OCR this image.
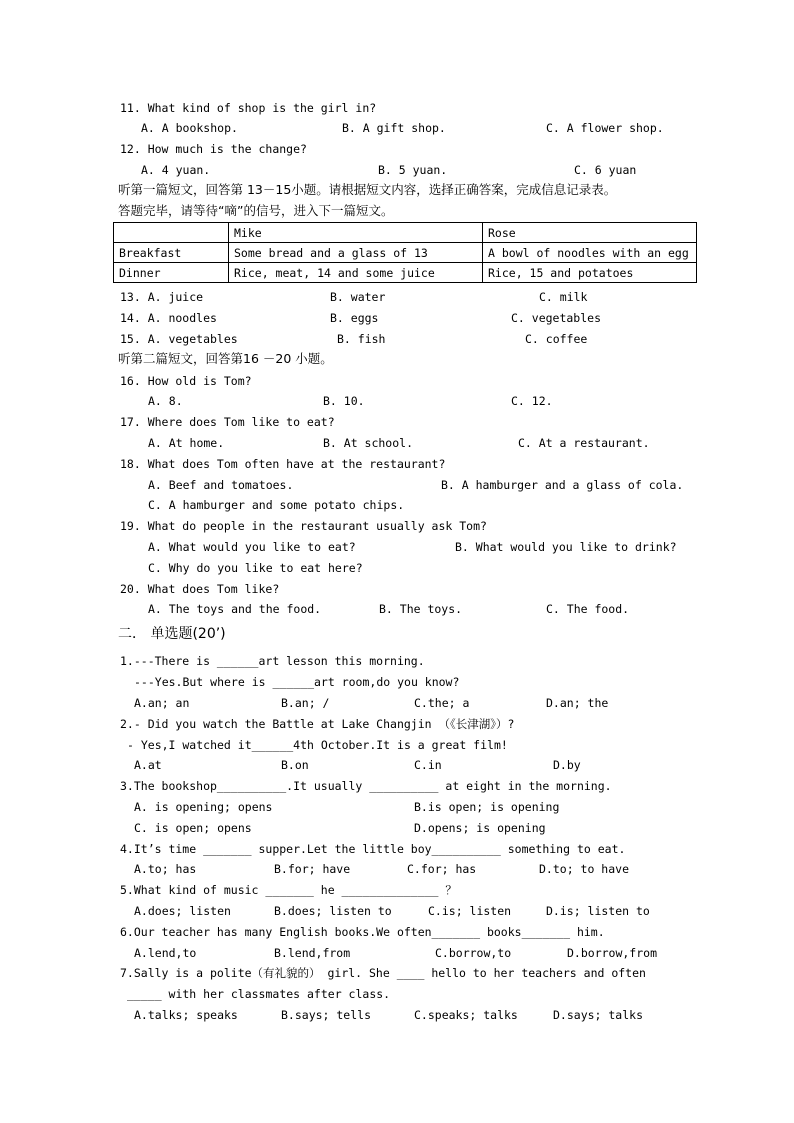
11. What kind of shop is the girl in?
A. A bookshop.	B. A gift shop.	C. A flower shop.
12. How much is the change?
A. 4 yuan.	B. 5 yuan.	C. 6 yuan
听第一篇短文，回答第 13－15小题。请根据短文内容，选择正确答案，完成信息记录表。
答题完毕，请等待“嘀”的信号，进入下一篇短文。
	Mike	Rose
Breakfast	Some bread and a glass of 13	A bowl of noodles with an egg
Dinner	Rice, meat, 14 and some juice	Rice, 15 and potatoes
13. A. juice	B. water	C. milk
14. A. noodles	B. eggs	C. vegetables
15. A. vegetables	B. fish	C. coffee
听第二篇短文，回答第16 －20 小题。
16. How old is Tom?
A. 8.	B. 10.	C. 12.
17. Where does Tom like to eat?
A. At home.	B. At school.	C. At a restaurant.
18. What does Tom often have at the restaurant?
A. Beef and tomatoes.	B. A hamburger and a glass of cola.
C. A hamburger and some potato chips.
19. What do people in the restaurant usually ask Tom?
A. What would you like to eat?	B. What would you like to drink?
C. Why do you like to eat here?
20. What does Tom like?
A. The toys and the food.	B. The toys.	C. The food.
二． 单选题(20’)
1.---There is ______art lesson this morning.
---Yes.But where is ______art room,do you know?
A.an; an	B.an; /	C.the; a	D.an; the
2.- Did you watch the Battle at Lake Changjin （《长津湖》）?
- Yes,I watched it______4th October.It is a great film!
A.at	B.on	C.in	D.by
3.The bookshop__________.It usually __________ at eight in the morning.
A. is opening; opens	B.is open; is opening
C. is open; opens	D.opens; is opening
4.It’s time _______ supper.Let the little boy__________ something to eat.
A.to; has	B.for; have	C.for; has	D.to; to have
5.What kind of music _______ he ______________ ？
A.does; listen	B.does; listen to	C.is; listen	D.is; listen to
6.Our teacher has many English books.We often_______ books_______ him.
A.lend,to	B.lend,from	C.borrow,to	D.borrow,from
7.Sally is a polite（有礼貌的） girl. She ____ hello to her teachers and often
_____ with her classmates after class.
A.talks; speaks	B.says; tells	C.speaks; talks	D.says; talks
